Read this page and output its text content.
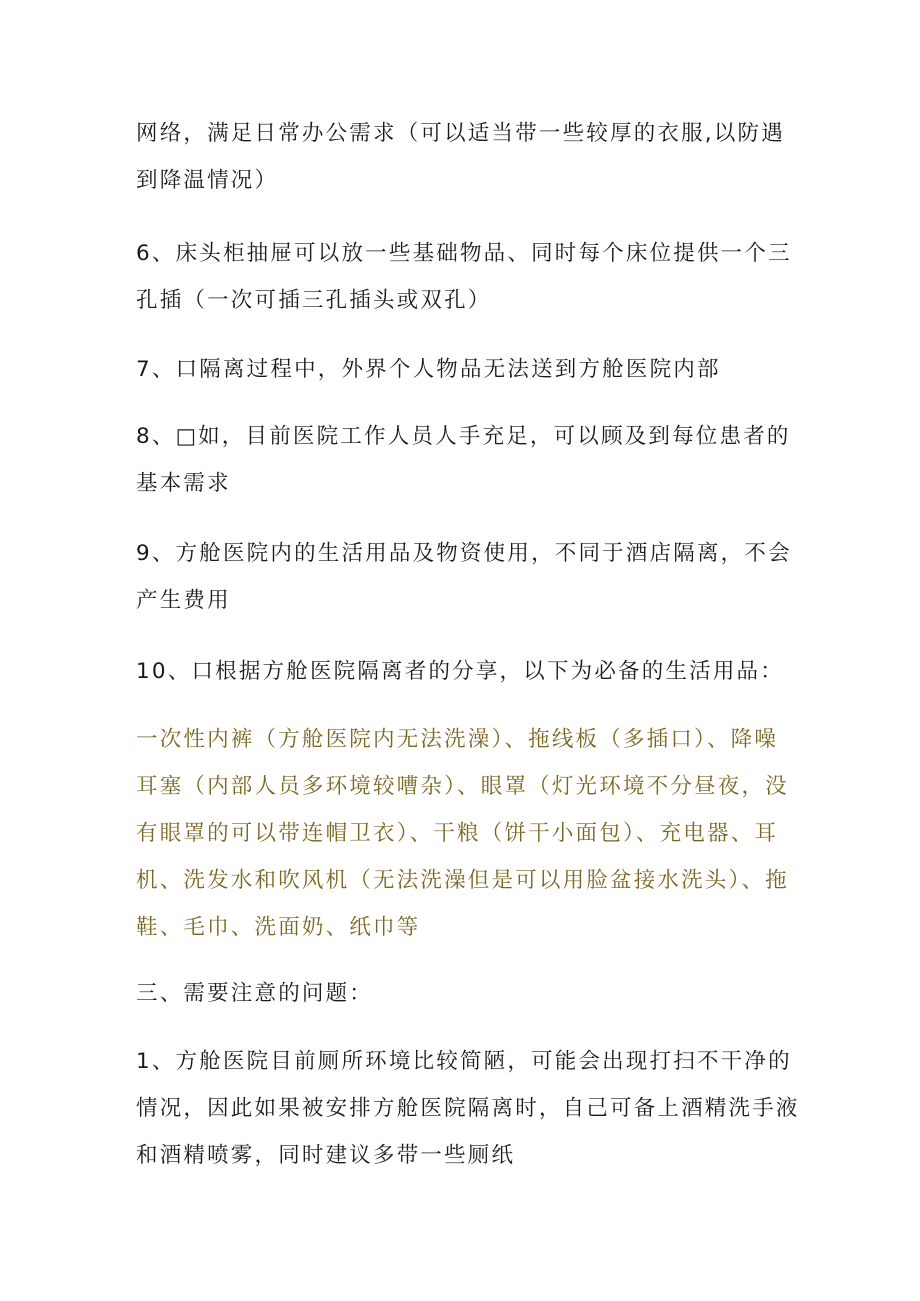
网络，满足日常办公需求（可以适当带一些较厚的衣服,以防遇
到降温情况）

6、床头柜抽屉可以放一些基础物品、同时每个床位提供一个三
孔插（一次可插三孔插头或双孔）

7、口隔离过程中，外界个人物品无法送到方舱医院内部

8、□如，目前医院工作人员人手充足，可以顾及到每位患者的
基本需求

9、方舱医院内的生活用品及物资使用，不同于酒店隔离，不会
产生费用

10、口根据方舱医院隔离者的分享，以下为必备的生活用品：

一次性内裤（方舱医院内无法洗澡）、拖线板（多插口）、降噪
耳塞（内部人员多环境较嘈杂）、眼罩（灯光环境不分昼夜，没
有眼罩的可以带连帽卫衣）、干粮（饼干小面包）、充电器、耳
机、洗发水和吹风机（无法洗澡但是可以用脸盆接水洗头）、拖
鞋、毛巾、洗面奶、纸巾等

三、需要注意的问题：

1、方舱医院目前厕所环境比较简陋，可能会出现打扫不干净的
情况，因此如果被安排方舱医院隔离时，自己可备上酒精洗手液
和酒精喷雾，同时建议多带一些厕纸
